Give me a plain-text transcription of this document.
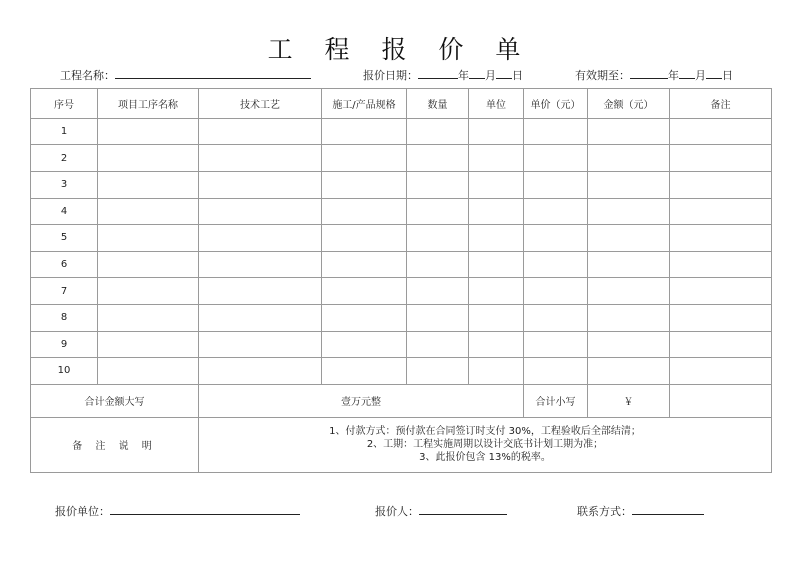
工 程 报 价 单
工程名称：	报价日期：	年 月 日	有效期至：	年 月 日
序号	项目工序名称	技术工艺	施工/产品规格	数量	单位	单价（元）	金额（元）	备注
1								
2								
3								
4								
5								
6								
7								
8								
9								
10								
合计金额大写		壹万元整				合计小写	￥	
备 注 说 明		1、付款方式：预付款在合同签订时支付 30%，工程验收后全部结清；
2、工期：工程实施周期以设计交底书计划工期为准；
3、此报价包含 13%的税率。						
报价单位：	报价人：	联系方式：
